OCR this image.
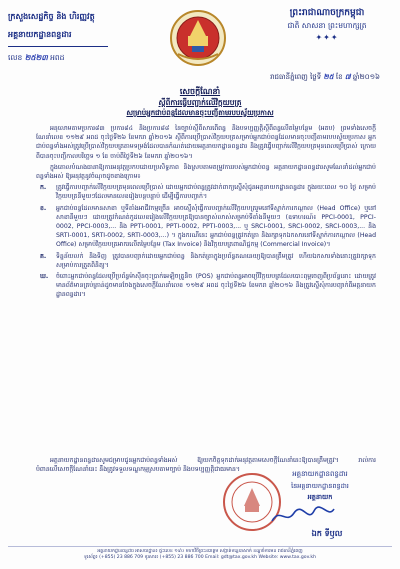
ក្រសួងសេដ្ឋកិច្ច និង ហិរញ្ញវត្ថុ
អគ្គនាយកដ្ឋានពន្ធដារ
លេខ ២៥២៣ អពដ
ព្រះរាជាណាចក្រកម្ពុជា
ជាតិ សាសនា ព្រះមហាក្សត្រ
✦✦✦
រាជធានីភ្នំពេញ ថ្ងៃទី ២៥ ខែ ៧ ឆ្នាំ២០១៦
សេចក្តីណែនាំ
ស្តីពីការធ្វើបញ្ជាក់លើវិក្កយបត្រ
សម្រាប់អ្នកជាប់ពន្ធដែលមានចុះបញ្ជីតាមរបបស្វ័យប្រកាស

អនុលោមតាមប្រការ៨៣ ប្រការ៨៤ និងប្រការ៨៨ នៃច្បាប់ស្តីពីសារពើពន្ធ និងបទប្បញ្ញត្តិស្តីពីពន្ធលើតម្លៃបន្ថែម (អតប) ព្រមទាំងសេចក្តីណែនាំលេខ ១១២៩ អពដ ចុះថ្ងៃទី២៦ ខែមករា ឆ្នាំ២០១៦ ស្តីពីការប្រើប្រាស់វិក្កយបត្រសម្រាប់អ្នកជាប់ពន្ធដែលមានចុះបញ្ជីតាមរបបស្វ័យប្រកាស អ្នកជាប់ពន្ធទាំងអស់ត្រូវប្រើប្រាស់វិក្កយបត្រតាមទម្រង់ដែលបានកំណត់ដោយអគ្គនាយកដ្ឋានពន្ធដារ និងត្រូវធ្វើបញ្ជាក់លើវិក្កយបត្រមុនពេលប្រើប្រាស់ ក្រោយពីបានចុះបញ្ជីកាលបរិច្ឆេទ ១ ខែ ចាប់ពីថ្ងៃទី២៦ ខែមករា ឆ្នាំ២០១៦។

ក្នុងគោលបំណងធានាឱ្យការអនុវត្តប្រកបដោយប្រសិទ្ធភាព និងស្របតាមតម្រូវការរបស់អ្នកជាប់ពន្ធ អគ្គនាយកដ្ឋានពន្ធដារសូមណែនាំដល់អ្នកជាប់ពន្ធទាំងអស់ ឱ្យអនុវត្តនូវចំណុចដូចខាងក្រោម៖

ក. ត្រូវធ្វើការបញ្ជាក់លើវិក្កយបត្រមុនពេលប្រើប្រាស់ ដោយអ្នកជាប់ពន្ធត្រូវដាក់ពាក្យស្នើសុំជូនអគ្គនាយកដ្ឋានពន្ធដារ ក្នុងរយៈពេល ១០ ថ្ងៃ សម្រាប់វិក្កយបត្រនីមួយៗដែលមានលេខរៀងបន្តបន្ទាប់ ដើម្បីធ្វើការបញ្ជាក់។
ខ. អ្នកជាប់ពន្ធដែលមានសាខា ឬទីតាំងអាជីវកម្មច្រើន អាចស្នើសុំធ្វើការបញ្ជាក់លើវិក្កយបត្ររួមនៅទីស្នាក់ការកណ្តាល (Head Office) ឬនៅសាខានីមួយៗ ដោយត្រូវកំណត់កូដលេខរៀងលើវិក្កយបត្រឱ្យបានច្បាស់លាស់សម្រាប់ទីតាំងនីមួយៗ (ឧទាហរណ៍៖ PPCI-0001, PPCI-0002, PPCI-0003,... និង PPTI-0001, PPTI-0002, PPTI-0003,... ឬ SRCI-0001, SRCI-0002, SRCI-0003,... និង SRTI-0001, SRTI-0002, SRTI-0003,...) ។ ក្នុងករណីនេះ អ្នកជាប់ពន្ធត្រូវកត់ត្រា និងរក្សាទុកឯកសារនៅទីស្នាក់ការកណ្តាល (Head Office) សម្រាប់វិក្កយបត្រអាករលើតម្លៃបន្ថែម (Tax Invoice) និងវិក្កយបត្រពាណិជ្ជកម្ម (Commercial Invoice)។
គ. ទិន្នន័យលក់ និងទិញ ត្រូវបានបញ្ជាក់ដោយអ្នកជាប់ពន្ធ និងកត់ត្រាក្នុងប្រព័ន្ធគណនេយ្យឱ្យបានត្រឹមត្រូវ ហើយឯកសារទាំងនោះត្រូវរក្សាទុកសម្រាប់ការត្រួតពិនិត្យ។
ឃ. ចំពោះអ្នកជាប់ពន្ធដែលប្រើប្រព័ន្ធម៉ាស៊ីនចុះប្រាក់អេឡិចត្រូនិច (POS) អ្នកជាប់ពន្ធអាចប្រើវិក្កយបត្រដែលបោះពុម្ពចេញពីប្រព័ន្ធនោះ ដោយត្រូវមានព័ត៌មានគ្រប់គ្រាន់ដូចមានចែងក្នុងសេចក្តីណែនាំលេខ ១១២៩ អពដ ចុះថ្ងៃទី២៦ ខែមករា ឆ្នាំ២០១៦ និងត្រូវស្នើសុំការបញ្ជាក់ពីអគ្គនាយកដ្ឋានពន្ធដារ។
អគ្គនាយកដ្ឋានពន្ធដារសូមជម្រាបជូនអ្នកជាប់ពន្ធទាំងអស់ ឱ្យយកចិត្តទុកដាក់អនុវត្តតាមសេចក្តីណែនាំនេះឱ្យបានត្រឹមត្រូវ។ រាល់ការបំពានលើសេចក្តីណែនាំនេះ នឹងត្រូវទទួលទណ្ឌកម្មស្របតាមច្បាប់ និងបទប្បញ្ញត្តិជាធរមាន។
អគ្គនាយកដ្ឋានពន្ធដារ
នៃអគ្គនាយកដ្ឋានពន្ធដារ
អគ្គនាយក
ឯក ទីឫល
អគ្គនាយកដ្ឋានពន្ធដារ អាសយដ្ឋាន៖ ផ្ទះលេខ ១៩០ មហាវិថីព្រះនរោត្តម សង្កាត់ទន្លេបាសាក់ ខណ្ឌចំការមន រាជធានីភ្នំពេញ
ទូរស័ព្ទ៖ (+855) 23 886 709 ទូរសារ៖ (+855) 23 886 700 Email: gdt@tax.gov.kh Website: www.tax.gov.kh
